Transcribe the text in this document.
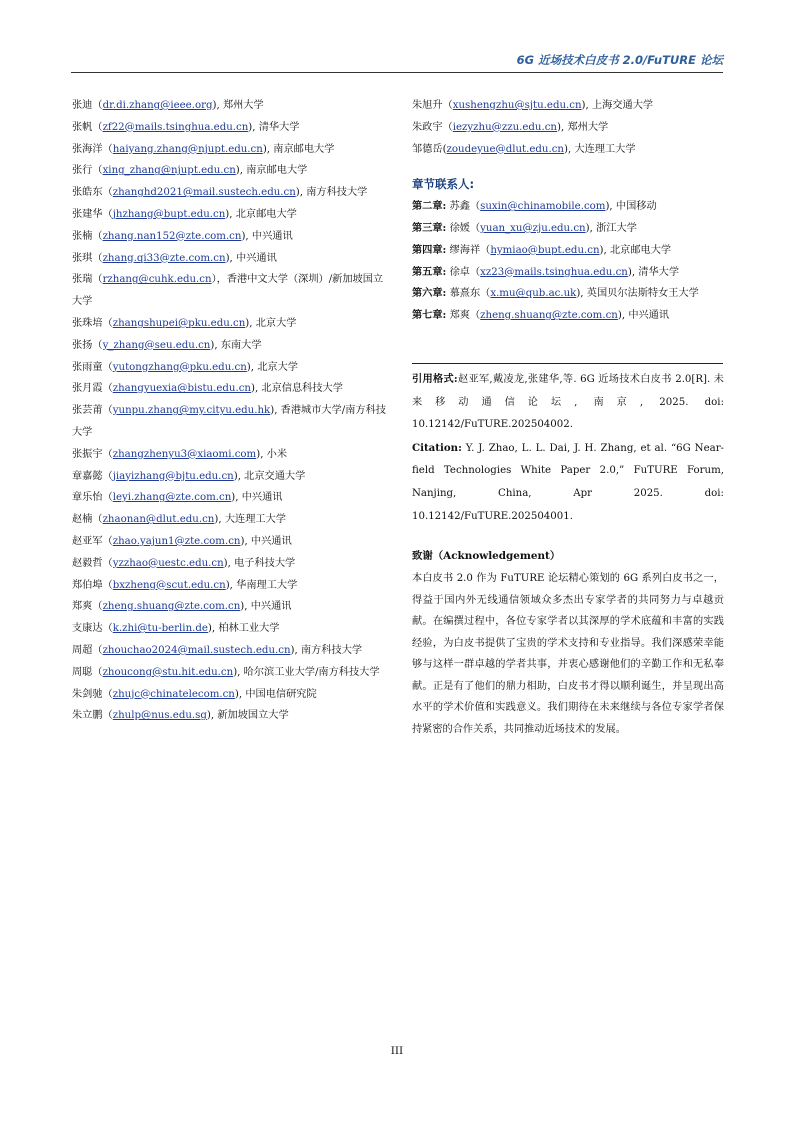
6G 近场技术白皮书 2.0/FuTURE 论坛
张迪（dr.di.zhang@ieee.org), 郑州大学
张帆（zf22@mails.tsinghua.edu.cn), 清华大学
张海洋（haiyang.zhang@njupt.edu.cn), 南京邮电大学
张行（xing_zhang@njupt.edu.cn), 南京邮电大学
张皓东（zhanghd2021@mail.sustech.edu.cn), 南方科技大学
张建华（jhzhang@bupt.edu.cn), 北京邮电大学
张楠（zhang.nan152@zte.com.cn), 中兴通讯
张琪（zhang.qi33@zte.com.cn), 中兴通讯
张瑞（rzhang@cuhk.edu.cn），香港中文大学（深圳）/新加坡国立大学
张珠培（zhangshupei@pku.edu.cn), 北京大学
张扬（y_zhang@seu.edu.cn), 东南大学
张雨童（yutongzhang@pku.edu.cn), 北京大学
张月霞（zhangyuexia@bistu.edu.cn), 北京信息科技大学
张芸莆（yunpu.zhang@my.cityu.edu.hk), 香港城市大学/南方科技大学
张振宇（zhangzhenyu3@xiaomi.com), 小米
章嘉懿（jiayizhang@bjtu.edu.cn), 北京交通大学
章乐怡（leyi.zhang@zte.com.cn), 中兴通讯
赵楠（zhaonan@dlut.edu.cn), 大连理工大学
赵亚军（zhao.yajun1@zte.com.cn), 中兴通讯
赵毅哲（yzzhao@uestc.edu.cn), 电子科技大学
郑伯埠（bxzheng@scut.edu.cn), 华南理工大学
郑爽（zheng.shuang@zte.com.cn), 中兴通讯
支康达（k.zhi@tu-berlin.de), 柏林工业大学
周超（zhouchao2024@mail.sustech.edu.cn), 南方科技大学
周聪（zhoucong@stu.hit.edu.cn), 哈尔滨工业大学/南方科技大学
朱剑驰（zhujc@chinatelecom.cn), 中国电信研究院
朱立鹏（zhulp@nus.edu.sg), 新加坡国立大学
朱旭升（xushengzhu@sjtu.edu.cn), 上海交通大学
朱政宇（iezyzhu@zzu.edu.cn), 郑州大学
邹德岳(zoudeyue@dlut.edu.cn), 大连理工大学
章节联系人:
第二章: 苏鑫（suxin@chinamobile.com), 中国移动
第三章: 徐媛（yuan_xu@zju.edu.cn), 浙江大学
第四章: 缪海祥（hymiao@bupt.edu.cn), 北京邮电大学
第五章: 徐卓（xz23@mails.tsinghua.edu.cn), 清华大学
第六章: 慕熹东（x.mu@qub.ac.uk), 英国贝尔法斯特女王大学
第七章: 郑爽（zheng.shuang@zte.com.cn), 中兴通讯
引用格式:赵亚军,戴凌龙,张建华,等. 6G 近场技术白皮书 2.0[R]. 未来移动通信论坛, 南京, 2025. doi: 10.12142/FuTURE.202504002.
Citation: Y. J. Zhao, L. L. Dai, J. H. Zhang, et al. “6G Near-field Technologies White Paper 2.0,” FuTURE Forum, Nanjing, China, Apr 2025. doi: 10.12142/FuTURE.202504001.
致谢（Acknowledgement）
本白皮书 2.0 作为 FuTURE 论坛精心策划的 6G 系列白皮书之一，得益于国内外无线通信领域众多杰出专家学者的共同努力与卓越贡献。在编撰过程中，各位专家学者以其深厚的学术底蕴和丰富的实践经验，为白皮书提供了宝贵的学术支持和专业指导。我们深感荣幸能够与这样一群卓越的学者共事，并衷心感谢他们的辛勤工作和无私奉献。正是有了他们的鼎力相助，白皮书才得以顺利诞生，并呈现出高水平的学术价值和实践意义。我们期待在未来继续与各位专家学者保持紧密的合作关系，共同推动近场技术的发展。
III
